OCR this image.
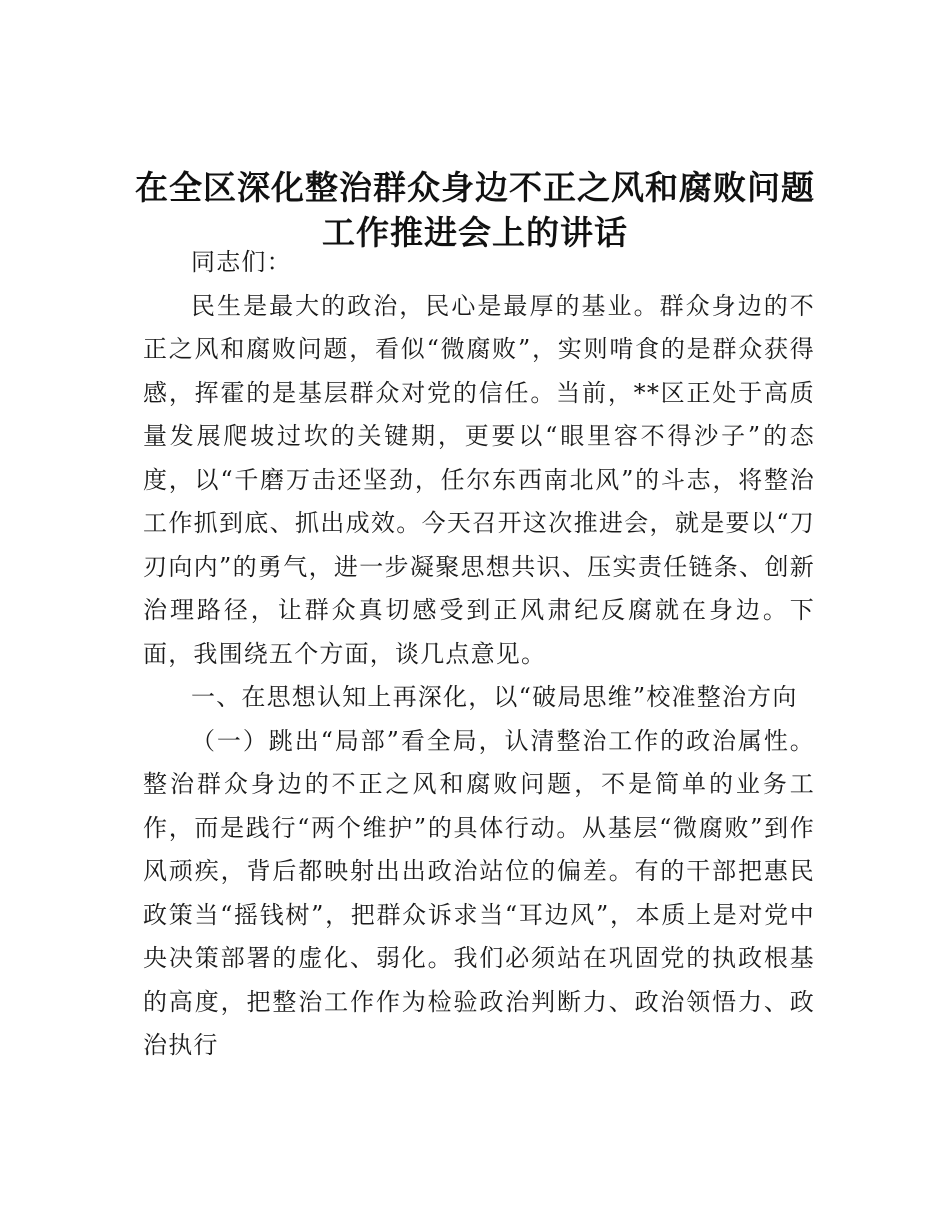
在全区深化整治群众身边不正之风和腐败问题
工作推进会上的讲话

同志们：

民生是最大的政治，民心是最厚的基业。群众身边的不正之风和腐败问题，看似“微腐败”，实则啃食的是群众获得感，挥霍的是基层群众对党的信任。当前，**区正处于高质量发展爬坡过坎的关键期，更要以“眼里容不得沙子”的态度，以“千磨万击还坚劲，任尔东西南北风”的斗志，将整治工作抓到底、抓出成效。今天召开这次推进会，就是要以“刀刃向内”的勇气，进一步凝聚思想共识、压实责任链条、创新治理路径，让群众真切感受到正风肃纪反腐就在身边。下面，我围绕五个方面，谈几点意见。

一、在思想认知上再深化，以“破局思维”校准整治方向

（一）跳出“局部”看全局，认清整治工作的政治属性。整治群众身边的不正之风和腐败问题，不是简单的业务工作，而是践行“两个维护”的具体行动。从基层“微腐败”到作风顽疾，背后都映射出出政治站位的偏差。有的干部把惠民政策当“摇钱树”，把群众诉求当“耳边风”，本质上是对党中央决策部署的虚化、弱化。我们必须站在巩固党的执政根基的高度，把整治工作作为检验政治判断力、政治领悟力、政治执行
